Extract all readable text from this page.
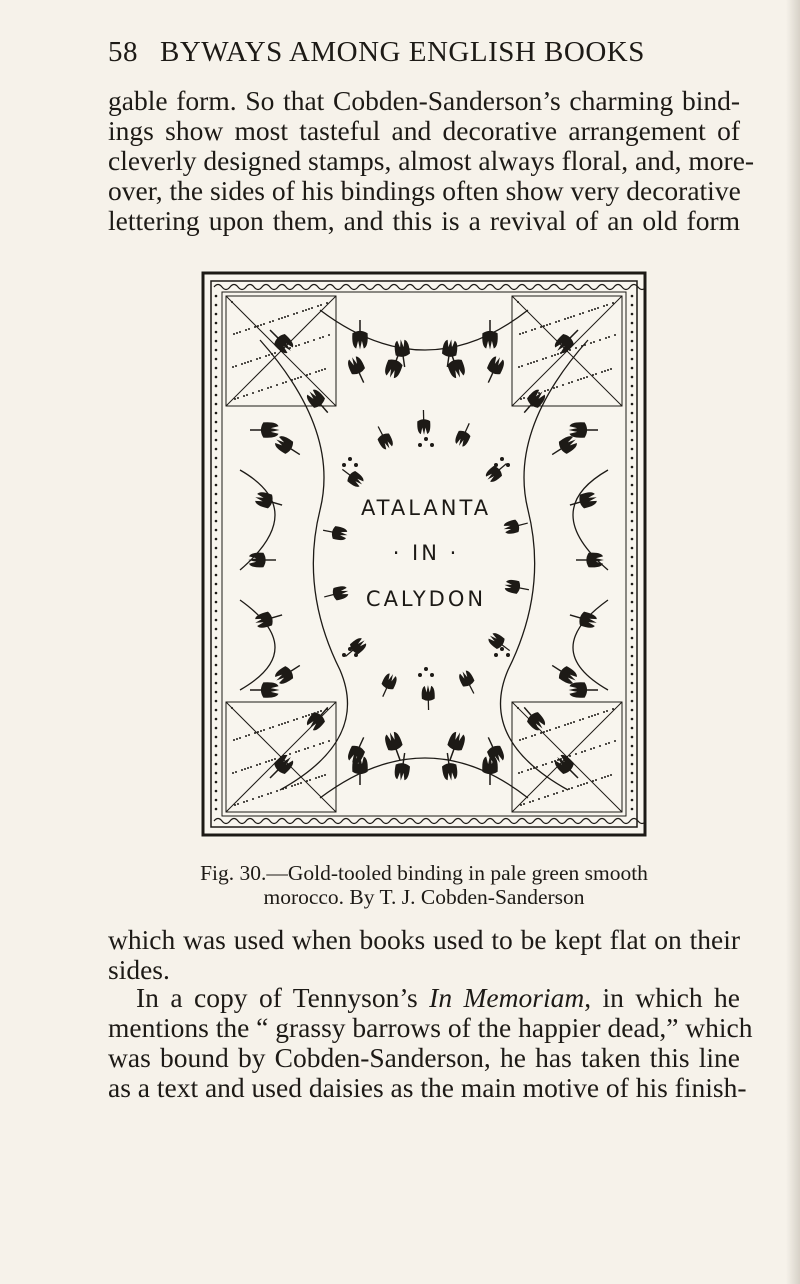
58 BYWAYS AMONG ENGLISH BOOKS
gable form. So that Cobden-Sanderson’s charming bind-
ings show most tasteful and decorative arrangement of
cleverly designed stamps, almost always floral, and, more-
over, the sides of his bindings often show very decorative
lettering upon them, and this is a revival of an old form
ATALANTA
· IN ·
CALYDON
Fig. 30.—Gold-tooled binding in pale green smooth
morocco. By T. J. Cobden-Sanderson
which was used when books used to be kept flat on their
sides.
In a copy of Tennyson’s In Memoriam, in which he
mentions the “ grassy barrows of the happier dead,” which
was bound by Cobden-Sanderson, he has taken this line
as a text and used daisies as the main motive of his finish-
